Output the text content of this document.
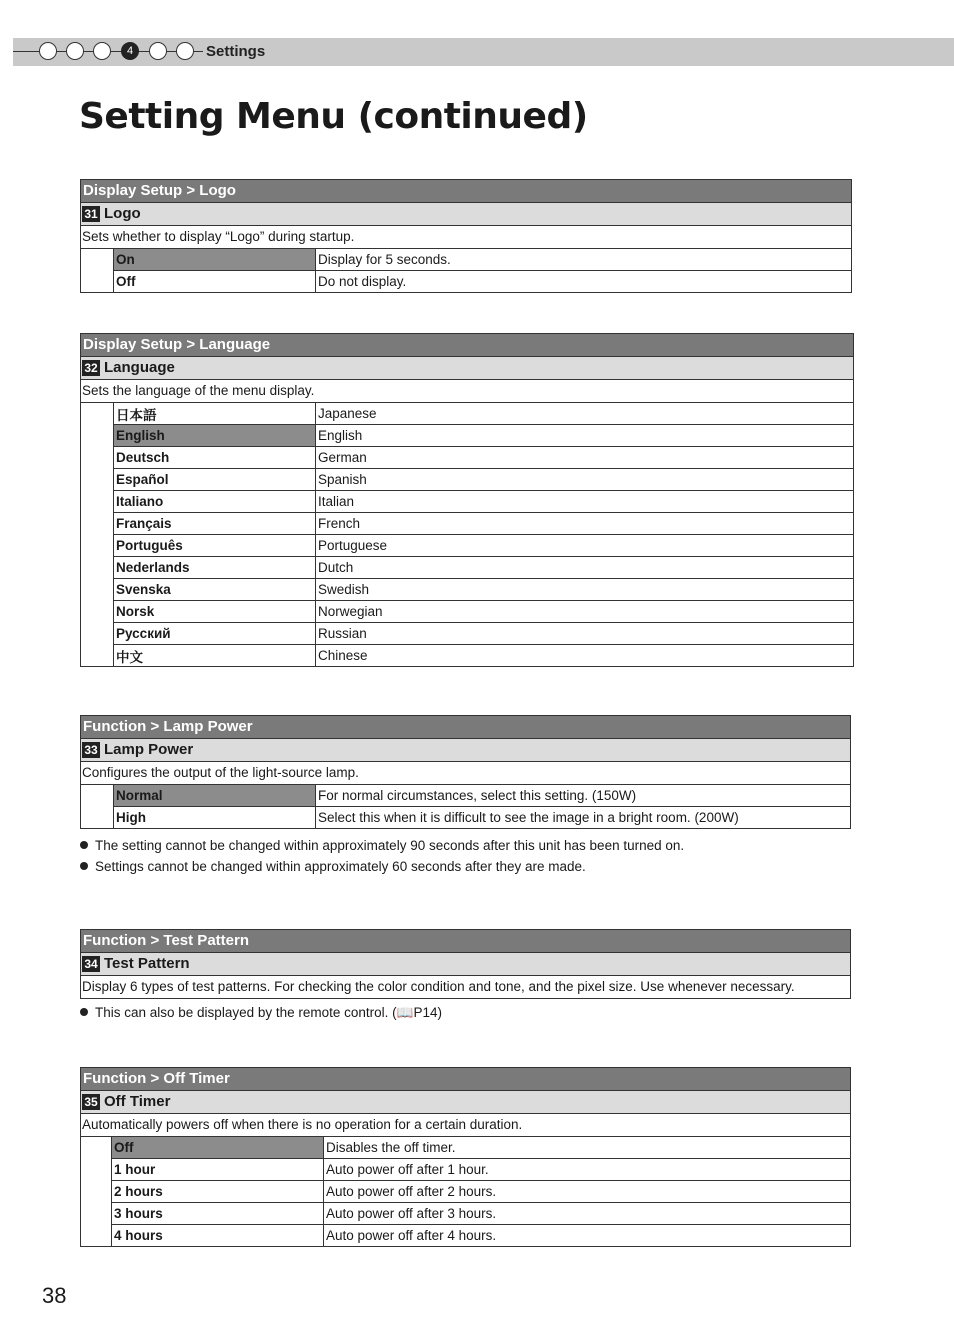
4	Settings
Setting Menu (continued)
Display Setup > Logo
31 Logo
Sets whether to display “Logo” during startup.
	On	Display for 5 seconds.
	Off	Do not display.
Display Setup > Language
32 Language
Sets the language of the menu display.
	日本語	Japanese
	English	English
	Deutsch	German
	Español	Spanish
	Italiano	Italian
	Français	French
	Português	Portuguese
	Nederlands	Dutch
	Svenska	Swedish
	Norsk	Norwegian
	Русский	Russian
	中文	Chinese
Function > Lamp Power
33 Lamp Power
Configures the output of the light-source lamp.
	Normal	For normal circumstances, select this setting. (150W)
	High	Select this when it is difficult to see the image in a bright room. (200W)
Function > Test Pattern
34 Test Pattern
Display 6 types of test patterns. For checking the color condition and tone, and the pixel size. Use whenever necessary.
Function > Off Timer
35 Off Timer
Automatically powers off when there is no operation for a certain duration.
	Off	Disables the off timer.
	1 hour	Auto power off after 1 hour.
	2 hours	Auto power off after 2 hours.
	3 hours	Auto power off after 3 hours.
	4 hours	Auto power off after 4 hours.
The setting cannot be changed within approximately 90 seconds after this unit has been turned on.
Settings cannot be changed within approximately 60 seconds after they are made.
This can also be displayed by the remote control. (📖P14)
38
